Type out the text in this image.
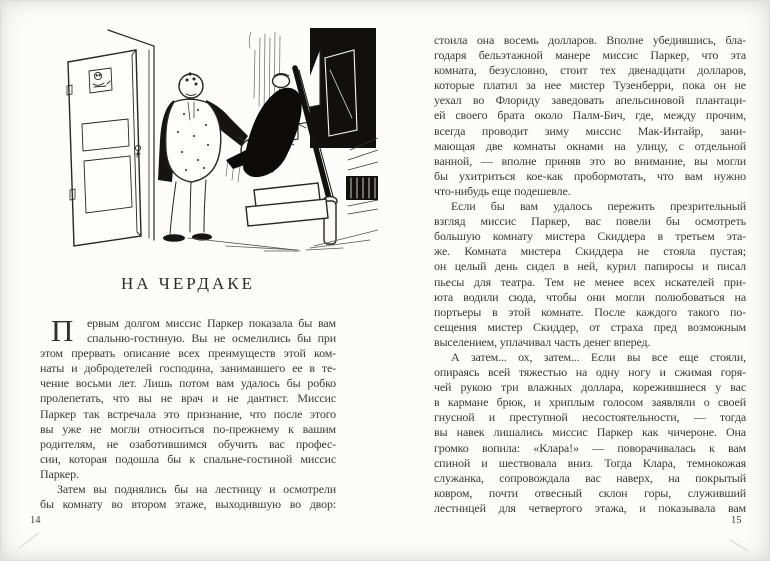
НА ЧЕРДАКЕ
П ервым долгом миссис Паркер показала бы вам
спальню-гостиную. Вы не осмелились бы при
этом прервать описание всех преимуществ этой ком-
наты и добродетелей господина, занимавшего ее в те-
чение восьми лет. Лишь потом вам удалось бы робко
пролепетать, что вы не врач и не дантист. Миссис
Паркер так встречала это признание, что после этого
вы уже не могли относиться по-прежнему к вашим
родителям, не озаботившимся обучить вас профес-
сии, которая подошла бы к спальне-гостиной миссис
Паркер.
Затем вы поднялись бы на лестницу и осмотрели
бы комнату во втором этаже, выходившую во двор:
14
стоила она восемь долларов. Вполне убедившись, бла-
годаря бельэтажной манере миссис Паркер, что эта
комната, безусловно, стоит тех двенадцати долларов,
которые платил за нее мистер Тузенберри, пока он не
уехал во Флориду заведовать апельсиновой плантаци-
ей своего брата около Палм-Бич, где, между прочим,
всегда проводит зиму миссис Мак-Интайр, зани-
мающая две комнаты окнами на улицу, с отдельной
ванной, — вполне приняв это во внимание, вы могли
бы ухитриться кое-как пробормотать, что вам нужно
что-нибудь еще подешевле.
Если бы вам удалось пережить презрительный
взгляд миссис Паркер, вас повели бы осмотреть
большую комнату мистера Скиддера в третьем эта-
же. Комната мистера Скиддера не стояла пустая;
он целый день сидел в ней, курил папиросы и писал
пьесы для театра. Тем не менее всех искателей при-
юта водили сюда, чтобы они могли полюбоваться на
портьеры в этой комнате. После каждого такого по-
сещения мистер Скиддер, от страха пред возможным
выселением, уплачивал часть денег вперед.
А затем... ох, затем... Если вы все еще стояли,
опираясь всей тяжестью на одну ногу и сжимая горя-
чей рукою три влажных доллара, корежившиеся у вас
в кармане брюк, и хриплым голосом заявляли о своей
гнусной и преступной несостоятельности, — тогда
вы навек лишались миссис Паркер как чичероне. Она
громко вопила: «Клара!» — поворачивалась к вам
спиной и шествовала вниз. Тогда Клара, темнокожая
служанка, сопровождала вас наверх, на покрытый
ковром, почти отвесный склон горы, служивший
лестницей для четвертого этажа, и показывала вам
15
